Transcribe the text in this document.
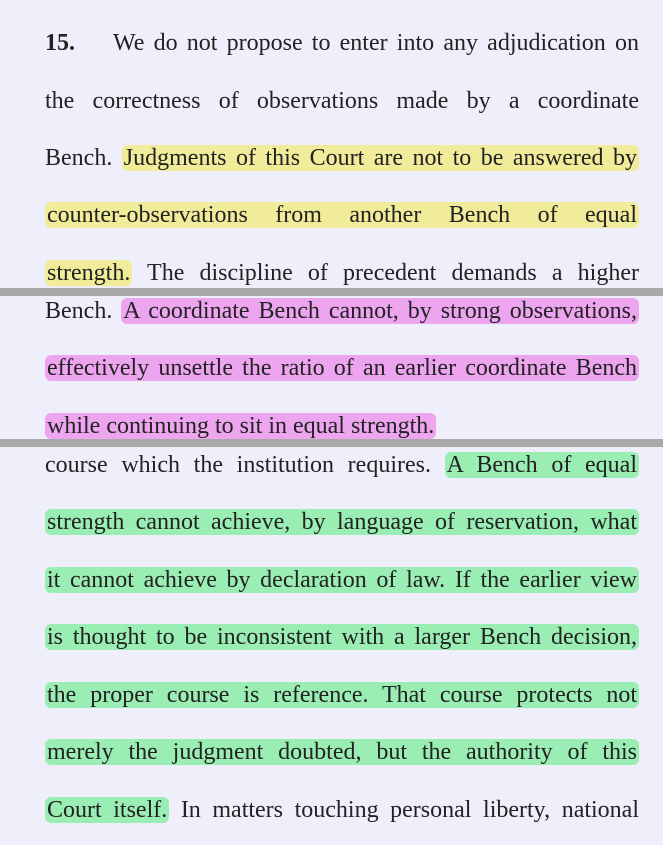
15. We do not propose to enter into any adjudication on
the correctness of observations made by a coordinate
Bench. Judgments of this Court are not to be answered by
counter-observations from another Bench of equal
strength. The discipline of precedent demands a higher
Bench. A coordinate Bench cannot, by strong observations,
effectively unsettle the ratio of an earlier coordinate Bench
while continuing to sit in equal strength.
course which the institution requires. A Bench of equal
strength cannot achieve, by language of reservation, what
it cannot achieve by declaration of law. If the earlier view
is thought to be inconsistent with a larger Bench decision,
the proper course is reference. That course protects not
merely the judgment doubted, but the authority of this
Court itself. In matters touching personal liberty, national
